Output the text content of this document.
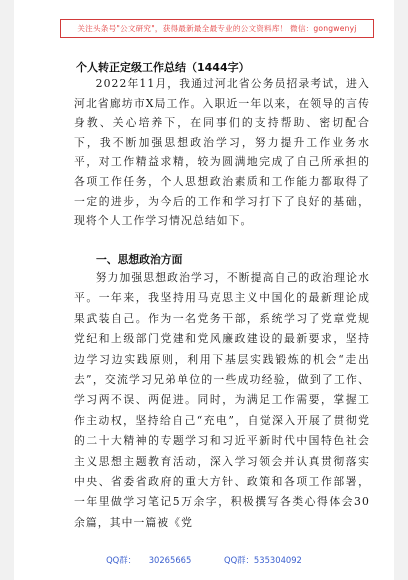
关注头条号"公文研究"，获得最新最全最专业的公文资料库！ 微信：gongwenyj
个人转正定级工作总结（1444字）

2022年11月，我通过河北省公务员招录考试，进入河北省廊坊市X局工作。入职近一年以来，在领导的言传身教、关心培养下，在同事们的支持帮助、密切配合下，我不断加强思想政治学习，努力提升工作业务水平，对工作精益求精，较为圆满地完成了自己所承担的各项工作任务，个人思想政治素质和工作能力都取得了一定的进步，为今后的工作和学习打下了良好的基础，现将个人工作学习情况总结如下。

一、思想政治方面

努力加强思想政治学习，不断提高自己的政治理论水平。一年来，我坚持用马克思主义中国化的最新理论成果武装自己。作为一名党务干部，系统学习了党章党规党纪和上级部门党建和党风廉政建设的最新要求，坚持边学习边实践原则，利用下基层实践锻炼的机会“走出去”，交流学习兄弟单位的一些成功经验，做到了工作、学习两不误、两促进。同时，为满足工作需要，掌握工作主动权，坚持给自己“充电”，自觉深入开展了贯彻党的二十大精神的专题学习和习近平新时代中国特色社会主义思想主题教育活动，深入学习领会并认真贯彻落实中央、省委省政府的重大方针、政策和各项工作部署，一年里做学习笔记5万余字，积极撰写各类心得体会30余篇，其中一篇被《党

QQ群： 30265665	QQ群：535304092
